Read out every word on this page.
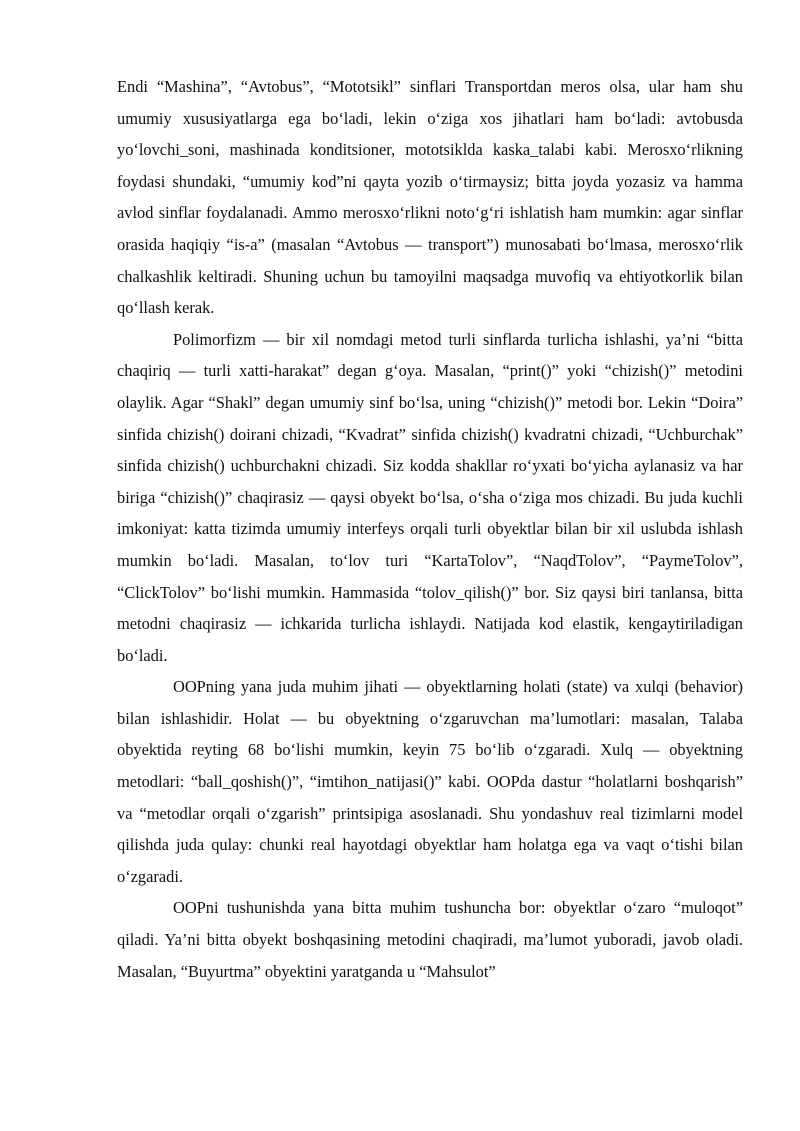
Endi “Mashina”, “Avtobus”, “Mototsikl” sinflari Transportdan meros olsa, ular ham shu umumiy xususiyatlarga ega bo‘ladi, lekin o‘ziga xos jihatlari ham bo‘ladi: avtobusda yo‘lovchi_soni, mashinada konditsioner, mototsiklda kaska_talabi kabi. Merosxo‘rlikning foydasi shundaki, “umumiy kod”ni qayta yozib o‘tirmaysiz; bitta joyda yozasiz va hamma avlod sinflar foydalanadi. Ammo merosxo‘rlikni noto‘g‘ri ishlatish ham mumkin: agar sinflar orasida haqiqiy “is-a” (masalan “Avtobus — transport”) munosabati bo‘lmasa, merosxo‘rlik chalkashlik keltiradi. Shuning uchun bu tamoyilni maqsadga muvofiq va ehtiyotkorlik bilan qo‘llash kerak.

Polimorfizm — bir xil nomdagi metod turli sinflarda turlicha ishlashi, ya’ni “bitta chaqiriq — turli xatti-harakat” degan g‘oya. Masalan, “print()” yoki “chizish()” metodini olaylik. Agar “Shakl” degan umumiy sinf bo‘lsa, uning “chizish()” metodi bor. Lekin “Doira” sinfida chizish() doirani chizadi, “Kvadrat” sinfida chizish() kvadratni chizadi, “Uchburchak” sinfida chizish() uchburchakni chizadi. Siz kodda shakllar ro‘yxati bo‘yicha aylanasiz va har biriga “chizish()” chaqirasiz — qaysi obyekt bo‘lsa, o‘sha o‘ziga mos chizadi. Bu juda kuchli imkoniyat: katta tizimda umumiy interfeys orqali turli obyektlar bilan bir xil uslubda ishlash mumkin bo‘ladi. Masalan, to‘lov turi “KartaTolov”, “NaqdTolov”, “PaymeTolov”, “ClickTolov” bo‘lishi mumkin. Hammasida “tolov_qilish()” bor. Siz qaysi biri tanlansa, bitta metodni chaqirasiz — ichkarida turlicha ishlaydi. Natijada kod elastik, kengaytiriladigan bo‘ladi.

OOPning yana juda muhim jihati — obyektlarning holati (state) va xulqi (behavior) bilan ishlashidir. Holat — bu obyektning o‘zgaruvchan ma’lumotlari: masalan, Talaba obyektida reyting 68 bo‘lishi mumkin, keyin 75 bo‘lib o‘zgaradi. Xulq — obyektning metodlari: “ball_qoshish()”, “imtihon_natijasi()” kabi. OOPda dastur “holatlarni boshqarish” va “metodlar orqali o‘zgarish” printsipiga asoslanadi. Shu yondashuv real tizimlarni model qilishda juda qulay: chunki real hayotdagi obyektlar ham holatga ega va vaqt o‘tishi bilan o‘zgaradi.

OOPni tushunishda yana bitta muhim tushuncha bor: obyektlar o‘zaro “muloqot” qiladi. Ya’ni bitta obyekt boshqasining metodini chaqiradi, ma’lumot yuboradi, javob oladi. Masalan, “Buyurtma” obyektini yaratganda u “Mahsulot”
